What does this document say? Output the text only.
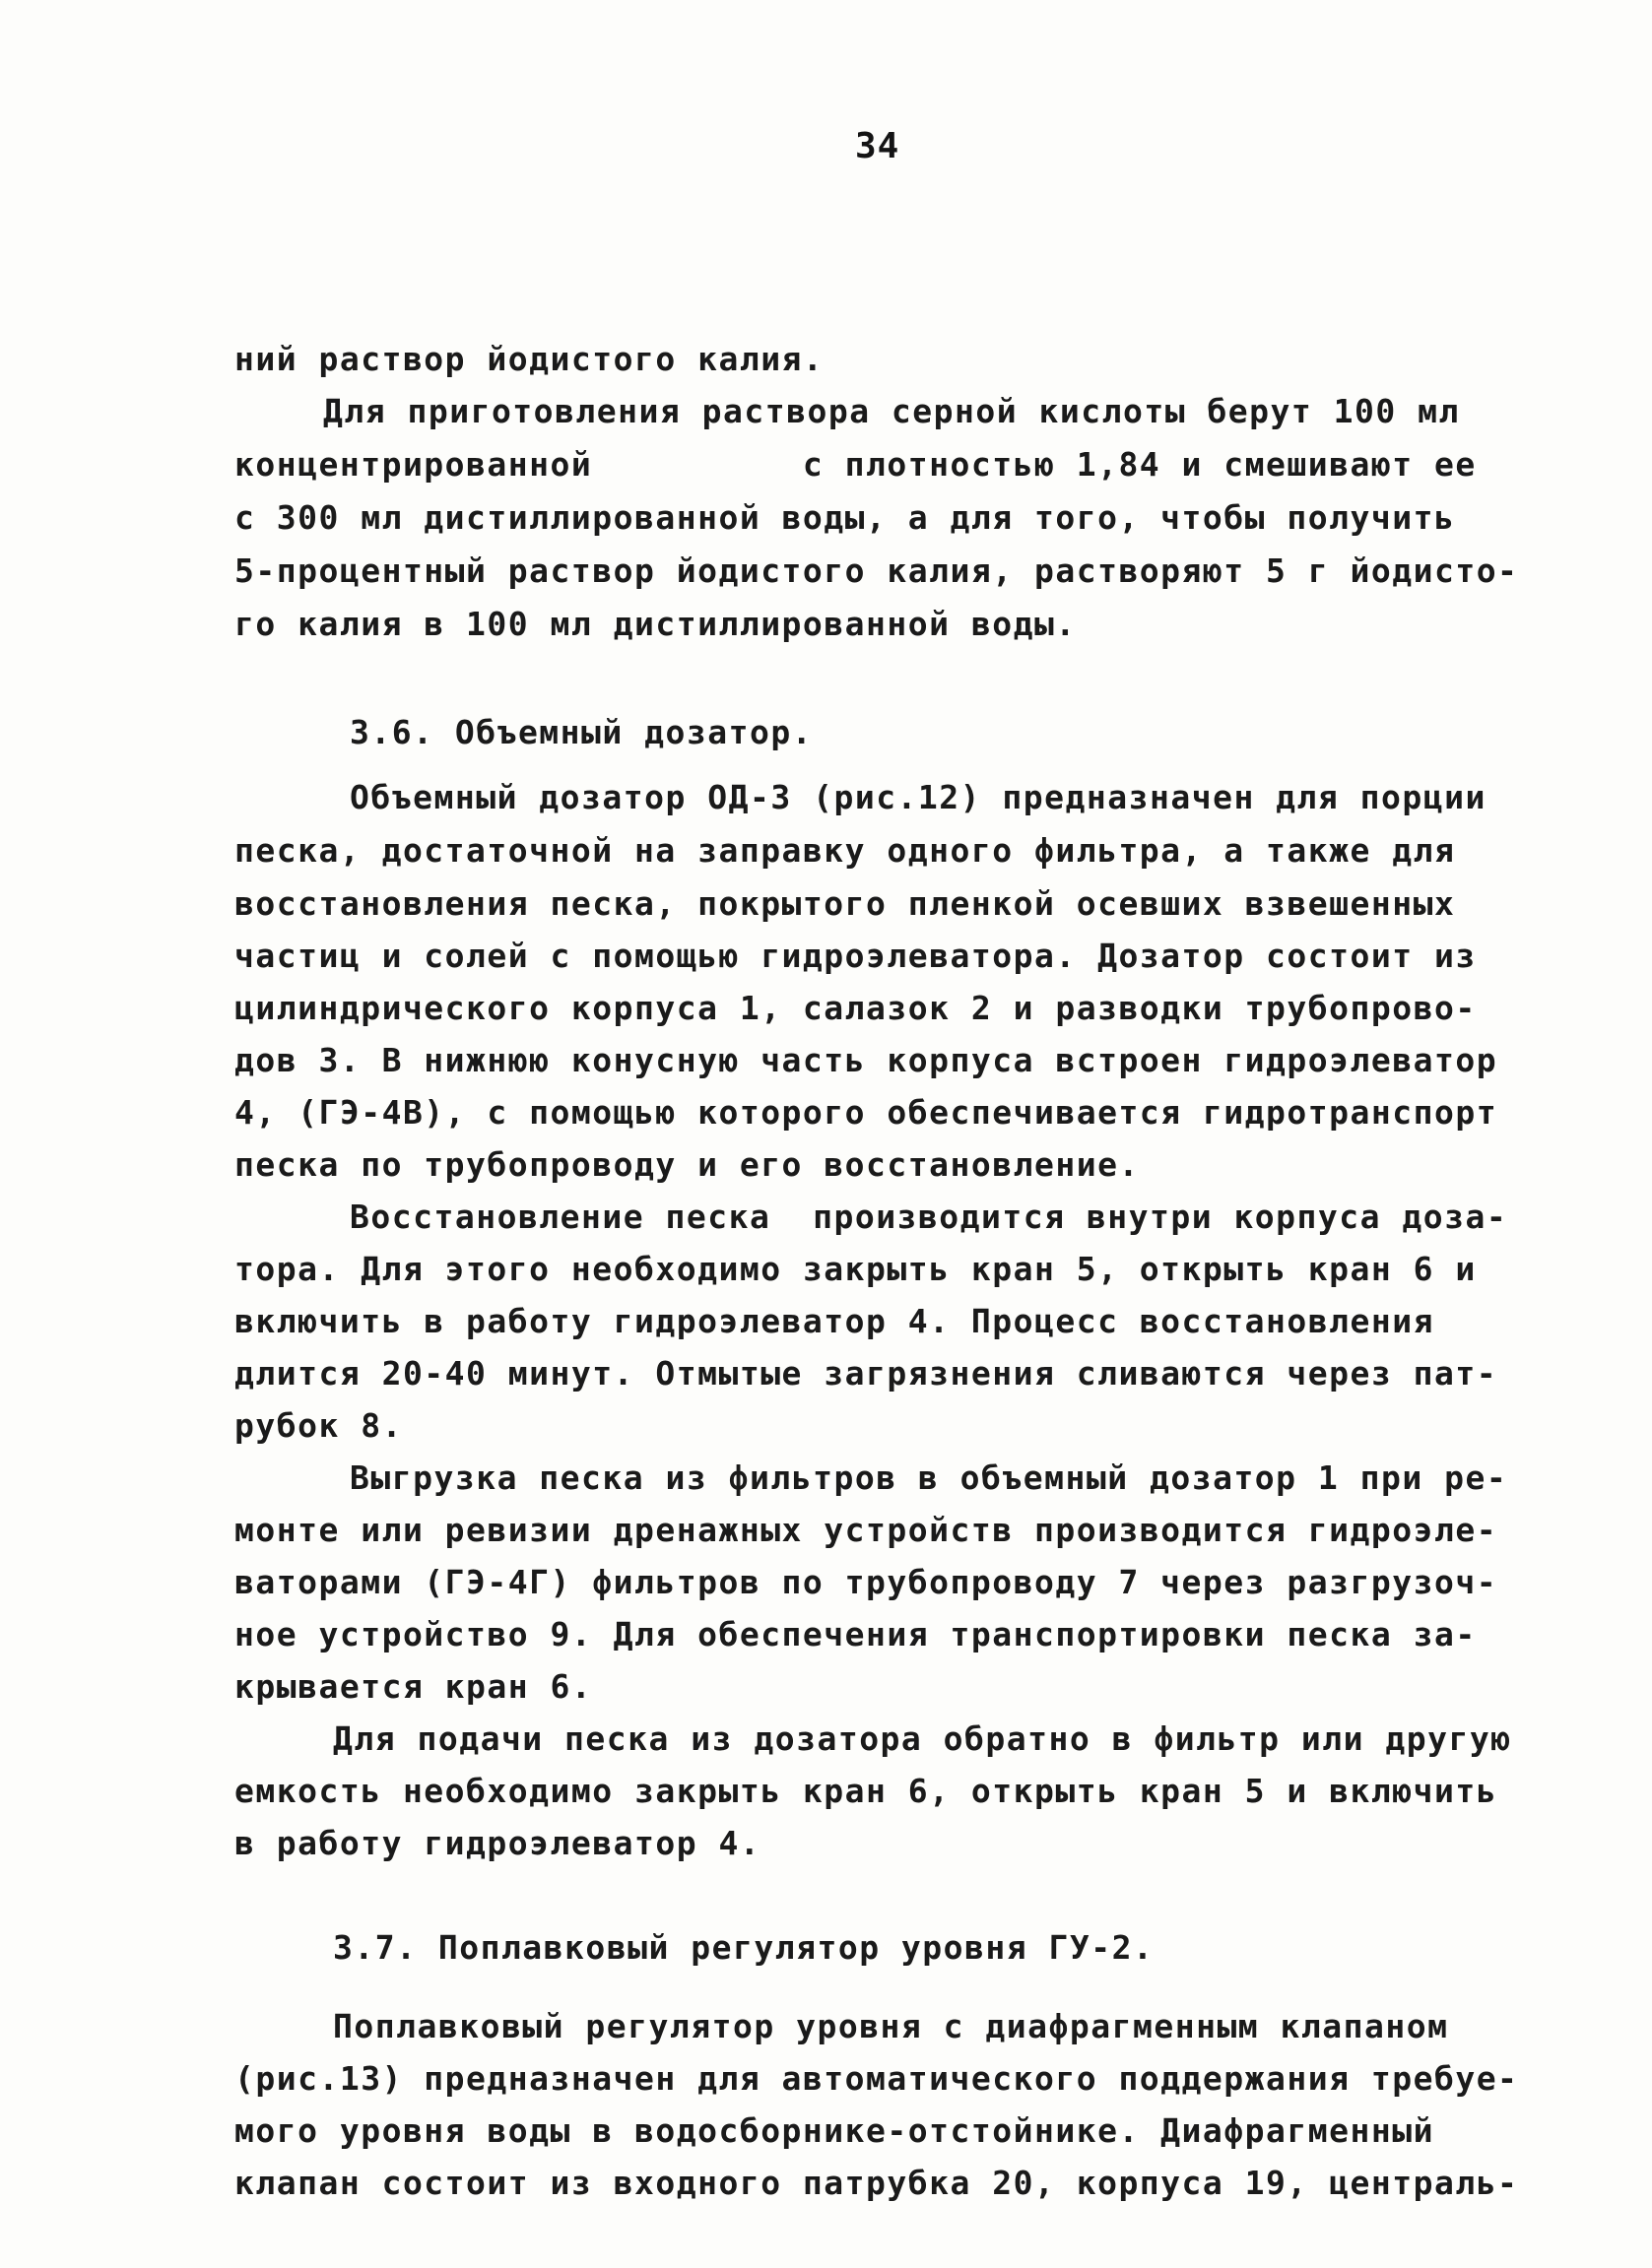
34
ний раствор йодистого калия.
Для приготовления раствора серной кислоты берут 100 мл
концентрированной          с плотностью 1,84 и смешивают ее
с 300 мл дистиллированной воды, а для того, чтобы получить
5-процентный раствор йодистого калия, растворяют 5 г йодисто-
го калия в 100 мл дистиллированной воды.
3.6. Объемный дозатор.
Объемный дозатор ОД-3 (рис.12) предназначен для порции
песка, достаточной на заправку одного фильтра, а также для
восстановления песка, покрытого пленкой осевших взвешенных
частиц и солей с помощью гидроэлеватора. Дозатор состоит из
цилиндрического корпуса 1, салазок 2 и разводки трубопрово-
дов 3. В нижнюю конусную часть корпуса встроен гидроэлеватор
4, (ГЭ-4В), с помощью которого обеспечивается гидротранспорт
песка по трубопроводу и его восстановление.
Восстановление песка  производится внутри корпуса доза-
тора. Для этого необходимо закрыть кран 5, открыть кран 6 и
включить в работу гидроэлеватор 4. Процесс восстановления
длится 20-40 минут. Отмытые загрязнения сливаются через пат-
рубок 8.
Выгрузка песка из фильтров в объемный дозатор 1 при ре-
монте или ревизии дренажных устройств производится гидроэле-
ваторами (ГЭ-4Г) фильтров по трубопроводу 7 через разгрузоч-
ное устройство 9. Для обеспечения транспортировки песка за-
крывается кран 6.
Для подачи песка из дозатора обратно в фильтр или другую
емкость необходимо закрыть кран 6, открыть кран 5 и включить
в работу гидроэлеватор 4.
3.7. Поплавковый регулятор уровня ГУ-2.
Поплавковый регулятор уровня с диафрагменным клапаном
(рис.13) предназначен для автоматического поддержания требуе-
мого уровня воды в водосборнике-отстойнике. Диафрагменный
клапан состоит из входного патрубка 20, корпуса 19, централь-
